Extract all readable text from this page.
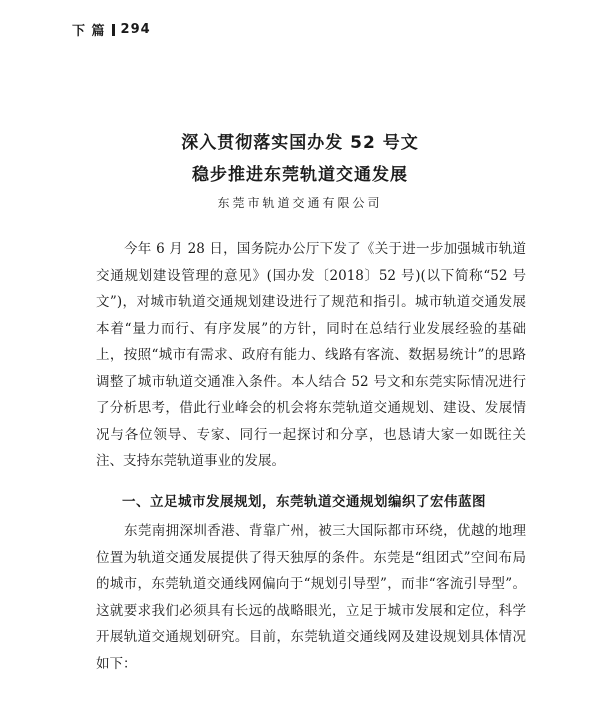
下 篇 294
深入贯彻落实国办发 52 号文
稳步推进东莞轨道交通发展
东莞市轨道交通有限公司

今年 6 月 28 日，国务院办公厅下发了《关于进一步加强城市轨道交通规划建设管理的意见》(国办发〔2018〕52 号)(以下简称“52 号文”)，对城市轨道交通规划建设进行了规范和指引。城市轨道交通发展本着“量力而行、有序发展”的方针，同时在总结行业发展经验的基础上，按照“城市有需求、政府有能力、线路有客流、数据易统计”的思路调整了城市轨道交通准入条件。本人结合 52 号文和东莞实际情况进行了分析思考，借此行业峰会的机会将东莞轨道交通规划、建设、发展情况与各位领导、专家、同行一起探讨和分享，也恳请大家一如既往关注、支持东莞轨道事业的发展。

一、立足城市发展规划，东莞轨道交通规划编织了宏伟蓝图

东莞南拥深圳香港、背靠广州，被三大国际都市环绕，优越的地理位置为轨道交通发展提供了得天独厚的条件。东莞是“组团式”空间布局的城市，东莞轨道交通线网偏向于“规划引导型”，而非“客流引导型”。这就要求我们必须具有长远的战略眼光，立足于城市发展和定位，科学开展轨道交通规划研究。目前，东莞轨道交通线网及建设规划具体情况如下：
